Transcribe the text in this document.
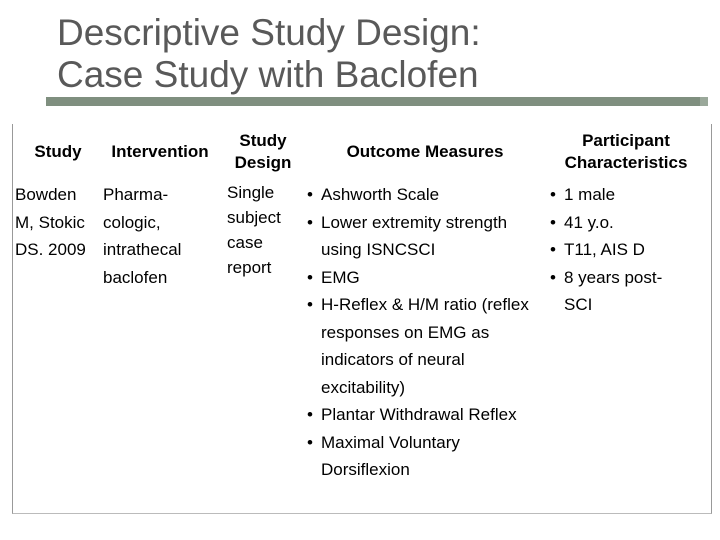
Descriptive Study Design:
Case Study with Baclofen
Study	Intervention
Study
Design
Outcome Measures
Participant
Characteristics
Bowden
M, Stokic
DS. 2009
Pharma-
cologic,
intrathecal
baclofen
Single
subject
case
report
• Ashworth Scale
• Lower extremity strength using ISNCSCI
• EMG
• H-Reflex & H/M ratio (reflex responses on EMG as indicators of neural excitability)
• Plantar Withdrawal Reflex
• Maximal Voluntary Dorsiflexion
• 1 male
• 41 y.o.
• T11, AIS D
• 8 years post-SCI
